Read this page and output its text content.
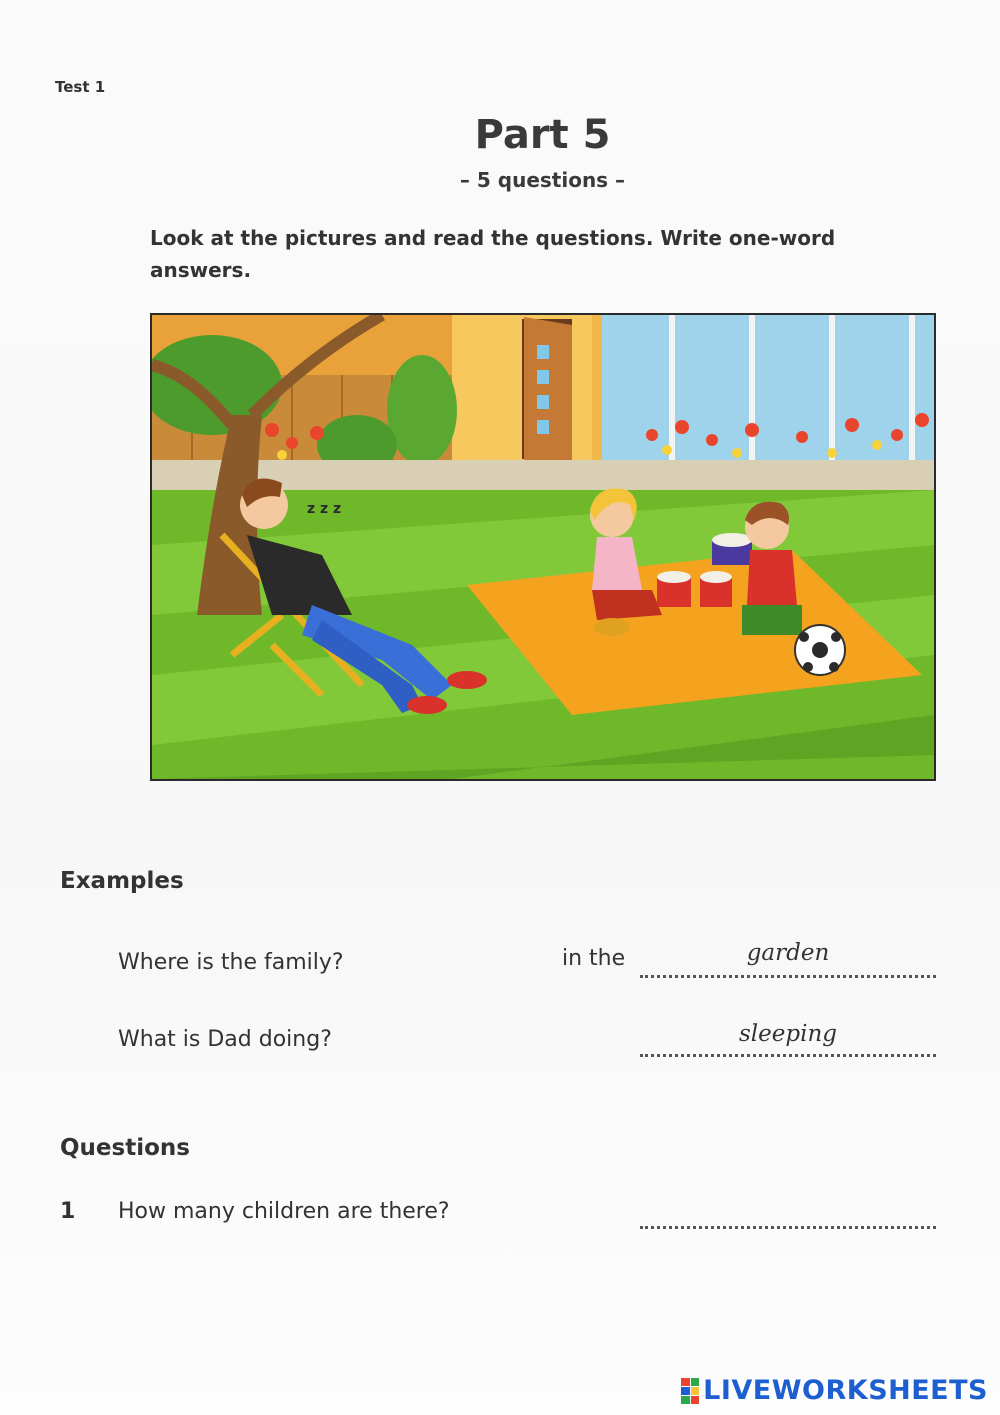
Test 1
Part 5
– 5 questions –
Look at the pictures and read the questions. Write one-word answers.
z z z
Examples
Where is the family?	in the	garden
What is Dad doing?	sleeping
Questions
1 How many children are there?
LIVEWORKSHEETS
